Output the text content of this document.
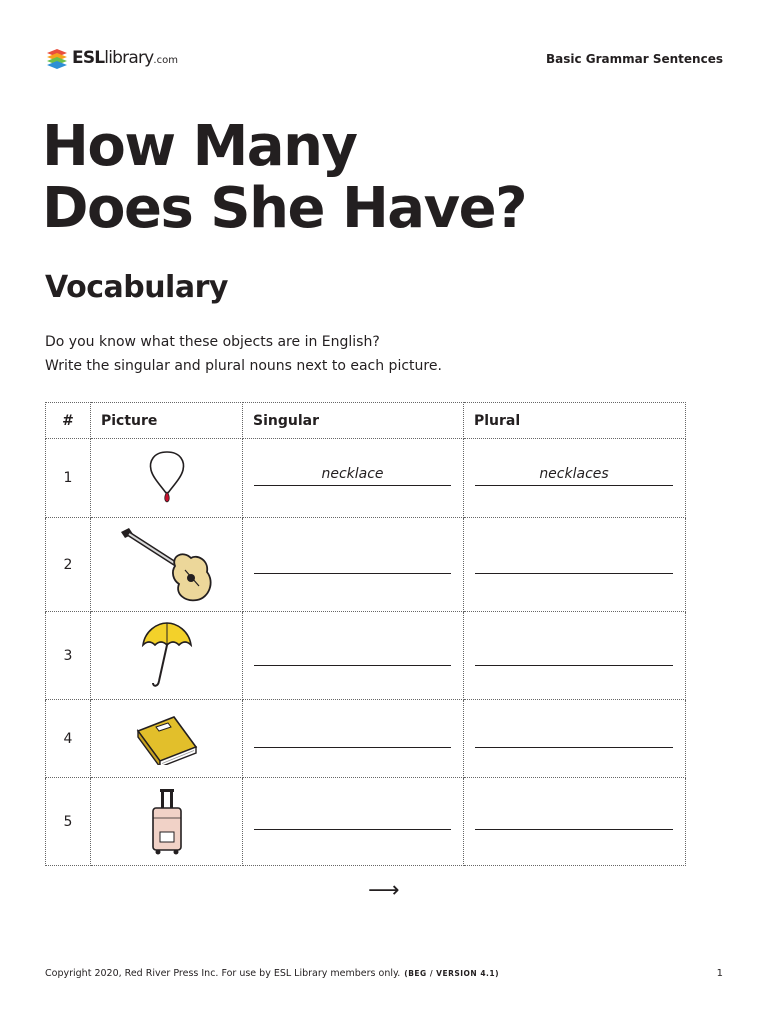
ESLlibrary.com	Basic Grammar Sentences
How Many
Does She Have?
Vocabulary
Do you know what these objects are in English?
Write the singular and plural nouns next to each picture.
#	Picture	Singular	Plural
1		necklace	necklaces

2		

3		

4		

5		

⟶
Copyright 2020, Red River Press Inc. For use by ESL Library members only. (BEG / VERSION 4.1)	1
